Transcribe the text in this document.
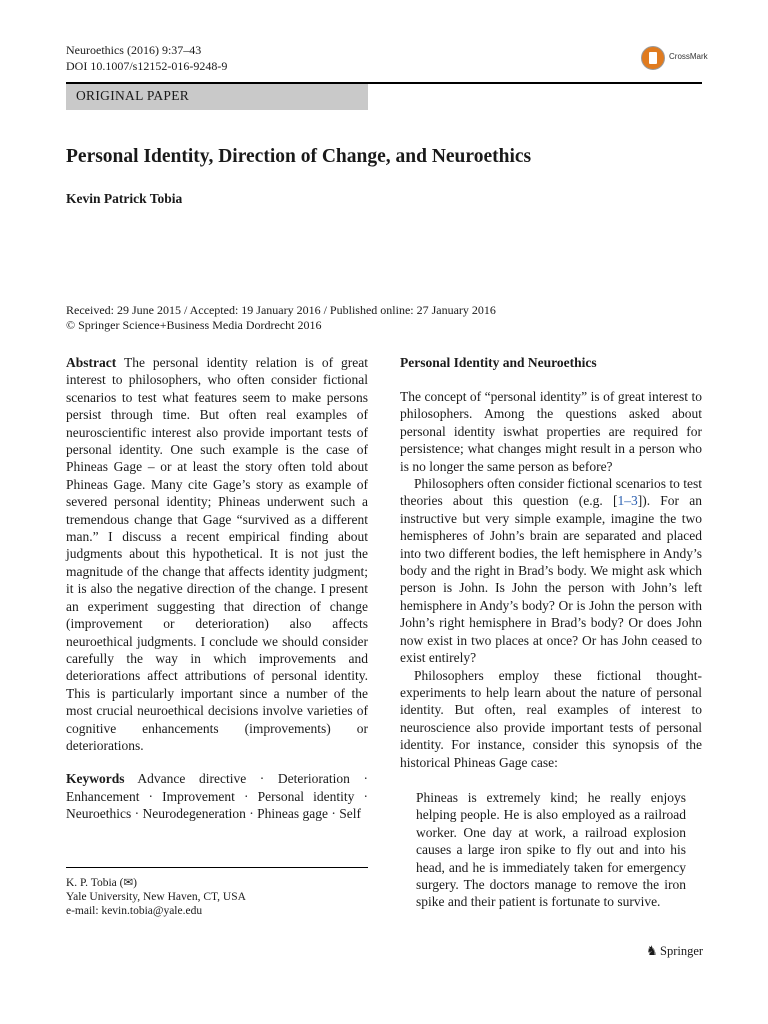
Neuroethics (2016) 9:37–43
DOI 10.1007/s12152-016-9248-9
CrossMark
ORIGINAL PAPER
Personal Identity, Direction of Change, and Neuroethics
Kevin Patrick Tobia
Received: 29 June 2015 / Accepted: 19 January 2016 / Published online: 27 January 2016
© Springer Science+Business Media Dordrecht 2016

Abstract The personal identity relation is of great interest to philosophers, who often consider fictional scenarios to test what features seem to make persons persist through time. But often real examples of neuroscientific interest also provide important tests of personal identity. One such example is the case of Phineas Gage – or at least the story often told about Phineas Gage. Many cite Gage’s story as example of severed personal identity; Phineas underwent such a tremendous change that Gage “survived as a different man.” I discuss a recent empirical finding about judgments about this hypothetical. It is not just the magnitude of the change that affects identity judgment; it is also the negative direction of the change. I present an experiment suggesting that direction of change (improvement or deterioration) also affects neuroethical judgments. I conclude we should consider carefully the way in which improvements and deteriorations affect attributions of personal identity. This is particularly important since a number of the most crucial neuroethical decisions involve varieties of cognitive enhancements (improvements) or deteriorations.

Keywords Advance directive · Deterioration · Enhancement · Improvement · Personal identity · Neuroethics · Neurodegeneration · Phineas gage · Self

K. P. Tobia (✉)
Yale University, New Haven, CT, USA
e-mail: kevin.tobia@yale.edu
Personal Identity and Neuroethics

The concept of “personal identity” is of great interest to philosophers. Among the questions asked about personal identity iswhat properties are required for persistence; what changes might result in a person who is no longer the same person as before?

Philosophers often consider fictional scenarios to test theories about this question (e.g. [1–3]). For an instructive but very simple example, imagine the two hemispheres of John’s brain are separated and placed into two different bodies, the left hemisphere in Andy’s body and the right in Brad’s body. We might ask which person is John. Is John the person with John’s left hemisphere in Andy’s body? Or is John the person with John’s right hemisphere in Brad’s body? Or does John now exist in two places at once? Or has John ceased to exist entirely?

Philosophers employ these fictional thought- experiments to help learn about the nature of personal identity. But often, real examples of interest to neuroscience also provide important tests of personal identity. For instance, consider this synopsis of the historical Phineas Gage case:

Phineas is extremely kind; he really enjoys helping people. He is also employed as a railroad worker. One day at work, a railroad explosion causes a large iron spike to fly out and into his head, and he is immediately taken for emergency surgery. The doctors manage to remove the iron spike and their patient is fortunate to survive.

♞ Springer
